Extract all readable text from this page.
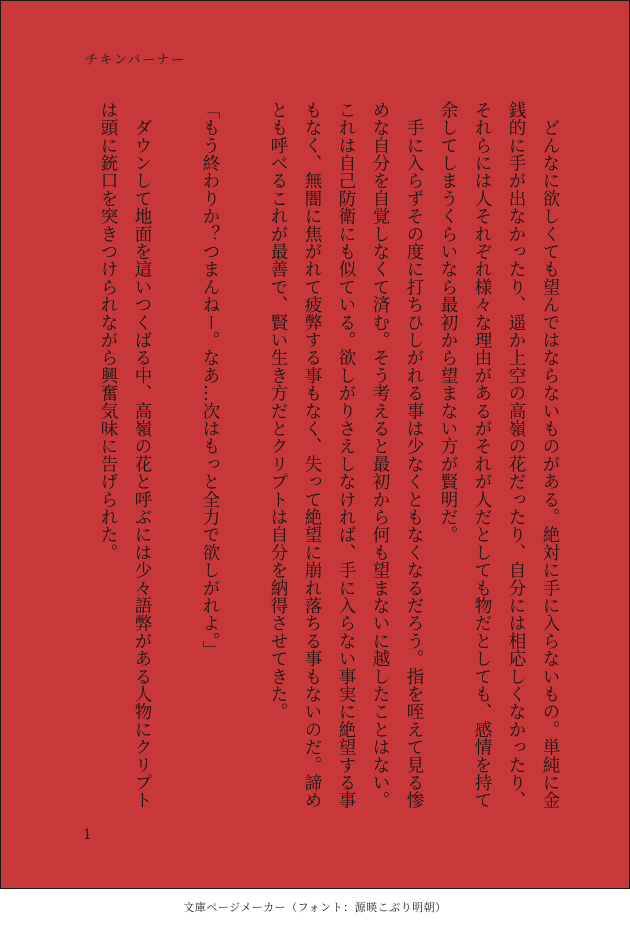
チキンバーナー

　どんなに欲しくても望んではならないものがある。絶対に手に入らないもの。単純に金銭的に手が出なかったり、遥か上空の高嶺の花だったり、自分には相応しくなかったり、それらには人それぞれ様々な理由があるがそれが人だとしても物だとしても、感情を持て余してしまうくらいなら最初から望まない方が賢明だ。

　手に入らずその度に打ちひしがれる事は少なくともなくなるだろう。指を咥えて見る惨めな自分を自覚しなくて済む。そう考えると最初から何も望まないに越したことはない。これは自己防衛にも似ている。欲しがりさえしなければ、手に入らない事実に絶望する事もなく、無闇に焦がれて疲弊する事もなく、失って絶望に崩れ落ちる事もないのだ。諦めとも呼べるこれが最善で、賢い生き方だとクリプトは自分を納得させてきた。

「もう終わりか？つまんねー。なあ…次はもっと全力で欲しがれよ。」

　ダウンして地面を這いつくばる中、高嶺の花と呼ぶには少々語弊がある人物にクリプトは頭に銃口を突きつけられながら興奮気味に告げられた。

1
文庫ページメーカー（フォント：源暎こぶり明朝）
